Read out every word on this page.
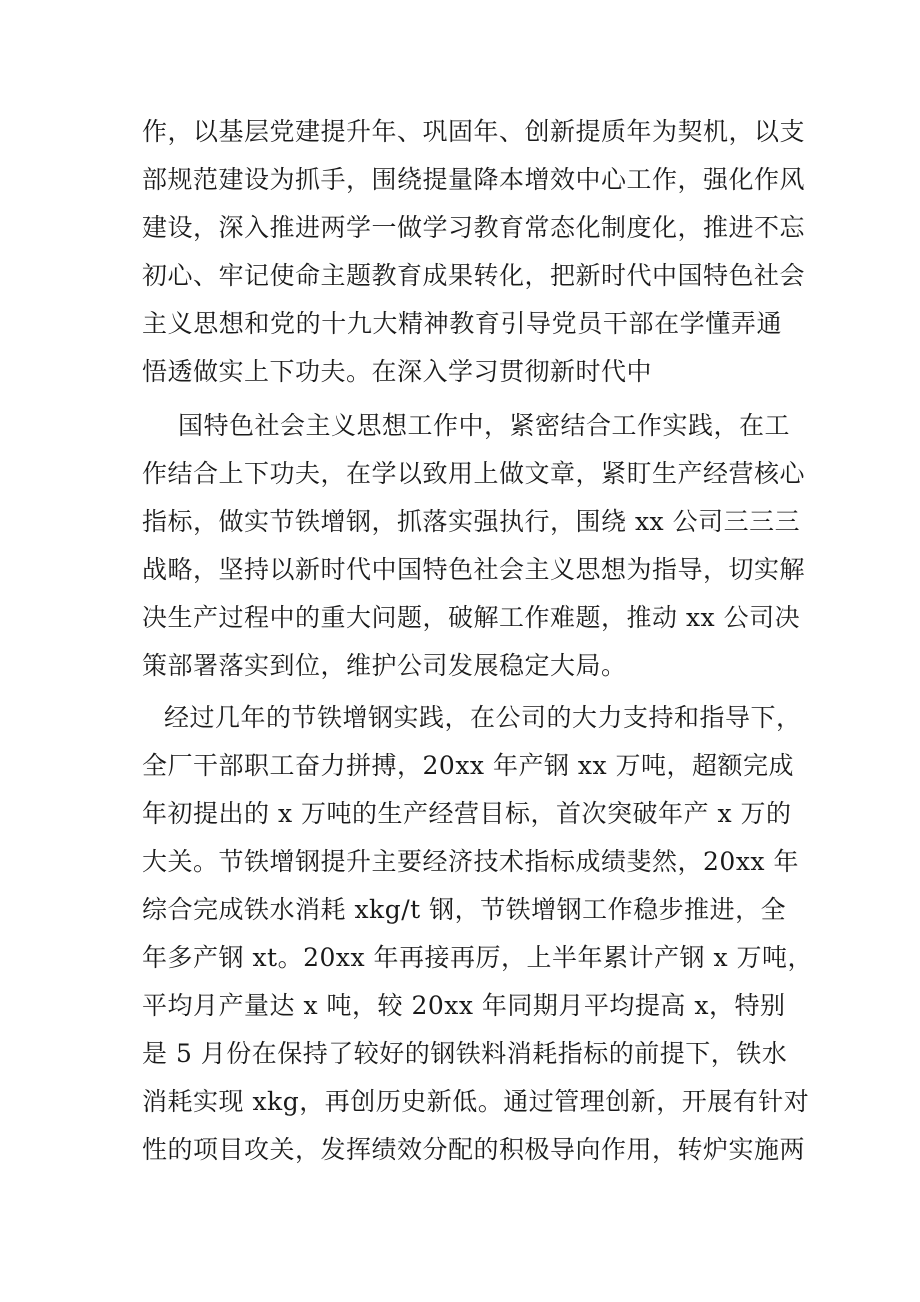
作，以基层党建提升年、巩固年、创新提质年为契机，以支
部规范建设为抓手，围绕提量降本增效中心工作，强化作风
建设，深入推进两学一做学习教育常态化制度化，推进不忘
初心、牢记使命主题教育成果转化，把新时代中国特色社会
主义思想和党的十九大精神教育引导党员干部在学懂弄通
悟透做实上下功夫。在深入学习贯彻新时代中
国特色社会主义思想工作中，紧密结合工作实践，在工
作结合上下功夫，在学以致用上做文章，紧盯生产经营核心
指标，做实节铁增钢，抓落实强执行，围绕 xx 公司三三三
战略，坚持以新时代中国特色社会主义思想为指导，切实解
决生产过程中的重大问题，破解工作难题，推动 xx 公司决
策部署落实到位，维护公司发展稳定大局。
经过几年的节铁增钢实践，在公司的大力支持和指导下，
全厂干部职工奋力拼搏，20xx 年产钢 xx 万吨，超额完成
年初提出的 x 万吨的生产经营目标，首次突破年产 x 万的
大关。节铁增钢提升主要经济技术指标成绩斐然，20xx 年
综合完成铁水消耗 xkg/t 钢，节铁增钢工作稳步推进，全
年多产钢 xt。20xx 年再接再厉，上半年累计产钢 x 万吨，
平均月产量达 x 吨，较 20xx 年同期月平均提高 x，特别
是 5 月份在保持了较好的钢铁料消耗指标的前提下，铁水
消耗实现 xkg，再创历史新低。通过管理创新，开展有针对
性的项目攻关，发挥绩效分配的积极导向作用，转炉实施两
